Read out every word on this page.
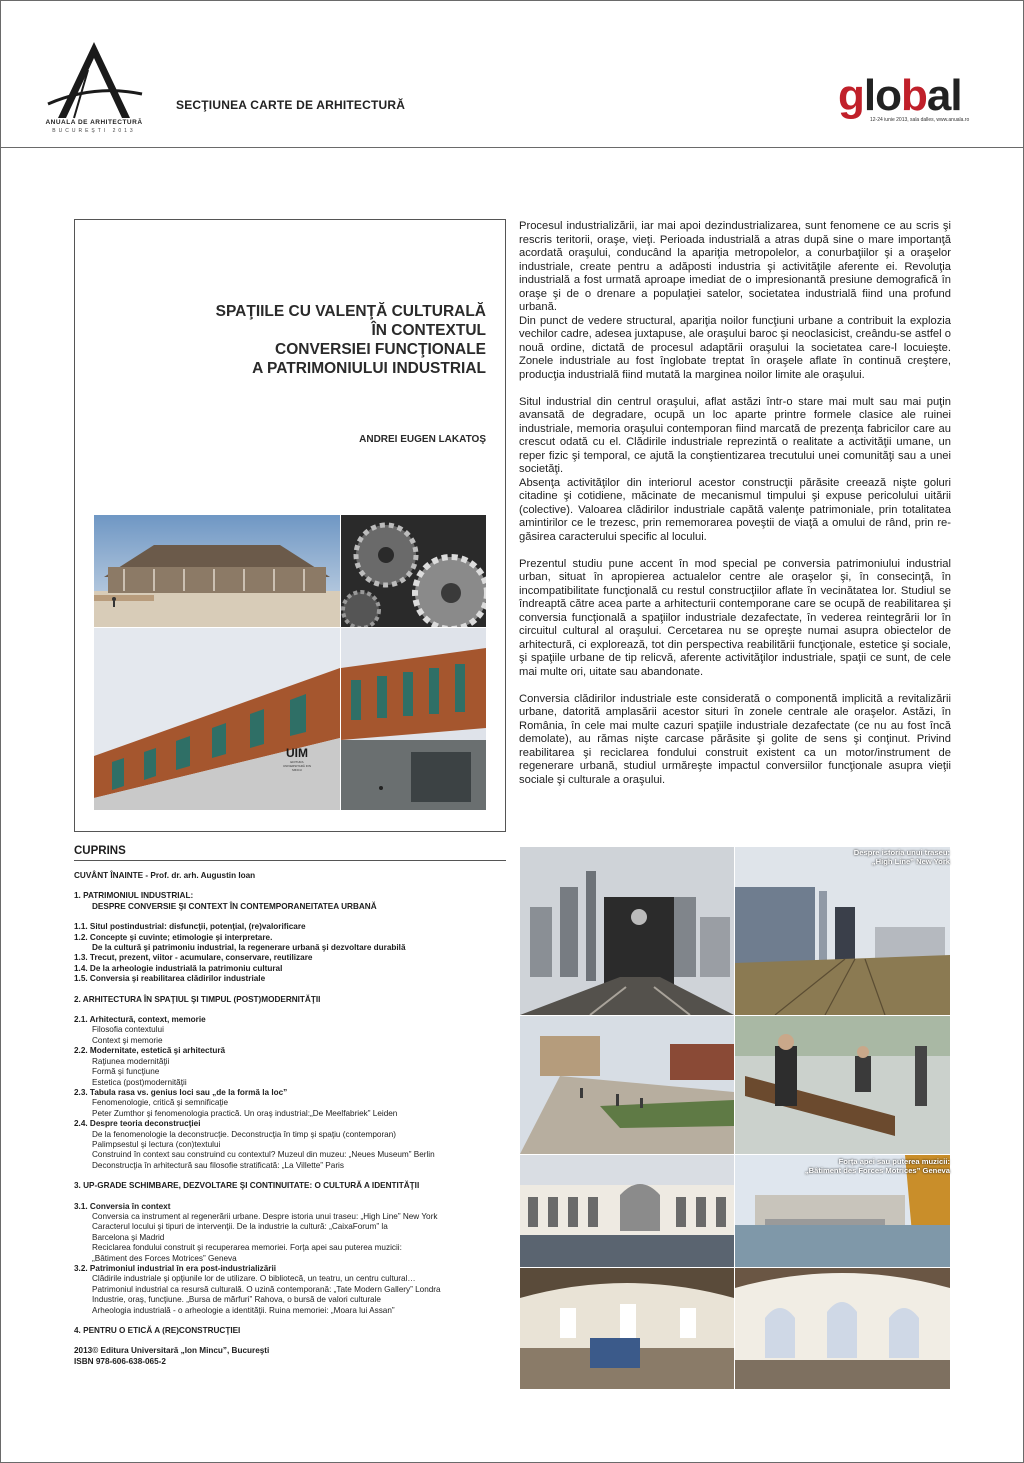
ANUALA DE ARHITECTURĂ
BUCUREȘTI 2013
SECŢIUNEA CARTE DE ARHITECTURĂ	global
12-24 iunie 2013, sala dalles, www.anuala.ro
SPAŢIILE CU VALENŢĂ CULTURALĂ
ÎN CONTEXTUL
CONVERSIEI FUNCŢIONALE
A PATRIMONIULUI INDUSTRIAL
ANDREI EUGEN LAKATOŞ
UIM
EDITURA UNIVERSITARĂ ION MINCU

Procesul industrializării, iar mai apoi dezindustrializarea, sunt fenomene ce au scris şi rescris teritorii, oraşe, vieţi. Perioada industrială a atras după sine o mare importanţă acordată oraşului, conducând la apariţia metropolelor, a conurbaţiilor şi a oraşelor industriale, create pentru a adăposti industria şi activităţile aferente ei. Revoluţia industrială a fost urmată aproape imediat de o impresionantă presiune demografică în oraşe şi de o drenare a populaţiei satelor, societatea industrială fiind una profund urbană.

Din punct de vedere structural, apariţia noilor funcţiuni urbane a contribuit la explozia vechilor cadre, adesea juxtapuse, ale oraşului baroc şi neoclasicist, creându-se astfel o nouă ordine, dictată de procesul adaptării oraşului la societatea care-l locuieşte. Zonele industriale au fost înglobate treptat în oraşele aflate în continuă creştere, producţia industrială fiind mutată la marginea noilor limite ale oraşului.

Situl industrial din centrul oraşului, aflat astăzi într-o stare mai mult sau mai puţin avansată de degradare, ocupă un loc aparte printre formele clasice ale ruinei industriale, memoria oraşului contemporan fiind marcată de prezenţa fabricilor care au crescut odată cu el. Clădirile industriale reprezintă o realitate a activităţii umane, un reper fizic şi temporal, ce ajută la conştientizarea trecutului unei comunităţi sau a unei societăţi.

Absenţa activităţilor din interiorul acestor construcţii părăsite creează nişte goluri citadine şi cotidiene, măcinate de mecanismul timpului şi expuse pericolului uitării (colective). Valoarea clădirilor industriale capătă valenţe patrimoniale, prin totalitatea amintirilor ce le trezesc, prin rememorarea poveştii de viaţă a omului de rând, prin re-găsirea caracterului specific al locului.

Prezentul studiu pune accent în mod special pe conversia patrimoniului industrial urban, situat în apropierea actualelor centre ale oraşelor şi, în consecinţă, în incompatibilitate funcţională cu restul construcţiilor aflate în vecinătatea lor. Studiul se îndreaptă către acea parte a arhitecturii contemporane care se ocupă de reabilitarea şi conversia funcţională a spaţiilor industriale dezafectate, în vederea reintegrării lor în circuitul cultural al oraşului. Cercetarea nu se opreşte numai asupra obiectelor de arhitectură, ci explorează, tot din perspectiva reabilitării funcţionale, estetice şi sociale, şi spaţiile urbane de tip relicvă, aferente activităţilor industriale, spaţii ce sunt, de cele mai multe ori, uitate sau abandonate.

Conversia clădirilor industriale este considerată o componentă implicită a revitalizării urbane, datorită amplasării acestor situri în zonele centrale ale oraşelor. Astăzi, în România, în cele mai multe cazuri spaţiile industriale dezafectate (ce nu au fost încă demolate), au rămas nişte carcase părăsite şi golite de sens şi conţinut. Privind reabilitarea şi reciclarea fondului construit existent ca un motor/instrument de regenerare urbană, studiul urmăreşte impactul conversiilor funcţionale asupra vieţii sociale şi culturale a oraşului.

CUPRINS
CUVÂNT ÎNAINTE - Prof. dr. arh. Augustin Ioan
1. PATRIMONIUL INDUSTRIAL:
DESPRE CONVERSIE ŞI CONTEXT ÎN CONTEMPORANEITATEA URBANĂ
1.1. Situl postindustrial: disfuncţii, potenţial, (re)valorificare
1.2. Concepte şi cuvinte; etimologie şi interpretare.
De la cultură şi patrimoniu industrial, la regenerare urbană şi dezvoltare durabilă
1.3. Trecut, prezent, viitor - acumulare, conservare, reutilizare
1.4. De la arheologie industrială la patrimoniu cultural
1.5. Conversia şi reabilitarea clădirilor industriale
2. ARHITECTURA ÎN SPAŢIUL ŞI TIMPUL (POST)MODERNITĂŢII
2.1. Arhitectură, context, memorie
Filosofia contextului
Context şi memorie
2.2. Modernitate, estetică şi arhitectură
Raţiunea modernităţii
Formă şi funcţiune
Estetica (post)modernităţii
2.3. Tabula rasa vs. genius loci sau „de la formă la loc”
Fenomenologie, critică şi semnificaţie
Peter Zumthor şi fenomenologia practică. Un oraş industrial:„De Meelfabriek” Leiden
2.4. Despre teoria deconstrucţiei
De la fenomenologie la deconstrucţie. Deconstrucţia în timp şi spaţiu (contemporan)
Palimpsestul şi lectura (con)textului
Construind în context sau construind cu contextul? Muzeul din muzeu: „Neues Museum” Berlin
Deconstrucţia în arhitectură sau filosofie stratificată: „La Villette” Paris
3. UP-GRADE SCHIMBARE, DEZVOLTARE ŞI CONTINUITATE: O CULTURĂ A IDENTITĂŢII
3.1. Conversia în context
Conversia ca instrument al regenerării urbane. Despre istoria unui traseu: „High Line” New York
Caracterul locului şi tipuri de intervenţii. De la industrie la cultură: „CaixaForum” la
Barcelona şi Madrid
Reciclarea fondului construit şi recuperarea memoriei. Forţa apei sau puterea muzicii:
„Bâtiment des Forces Motrices” Geneva
3.2. Patrimoniul industrial în era post-industrializării
Clădirile industriale şi opţiunile lor de utilizare. O bibliotecă, un teatru, un centru cultural…
Patrimoniul industrial ca resursă culturală. O uzină contemporană: „Tate Modern Gallery” Londra
Industrie, oraş, funcţiune. „Bursa de mărfuri” Rahova, o bursă de valori culturale
Arheologia industrială - o arheologie a identităţii. Ruina memoriei: „Moara lui Assan”
4. PENTRU O ETICĂ A (RE)CONSTRUCŢIEI
2013© Editura Universitară „Ion Mincu”, Bucureşti
ISBN 978-606-638-065-2
Despre istoria unui traseu:
„High Line” New York
Forţa apei sau puterea muzicii:
„Bâtiment des Forces Motrices” Geneva
